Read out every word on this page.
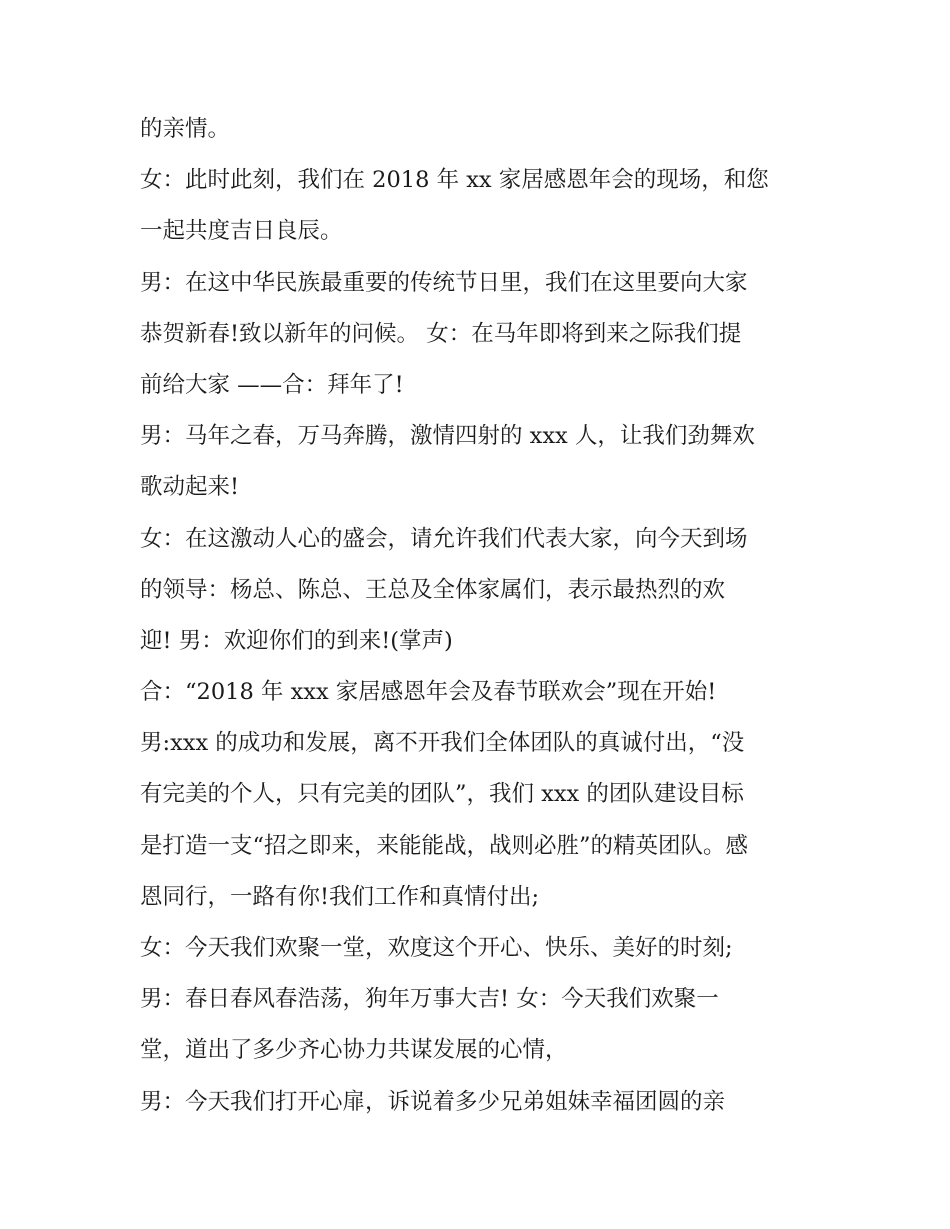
的亲情。

女：此时此刻，我们在 2018 年 xx 家居感恩年会的现场，和您

一起共度吉日良辰。

男：在这中华民族最重要的传统节日里，我们在这里要向大家

恭贺新春!致以新年的问候。 女：在马年即将到来之际我们提

前给大家 ——合：拜年了!

男：马年之春，万马奔腾，激情四射的 xxx 人，让我们劲舞欢

歌动起来!

女：在这激动人心的盛会，请允许我们代表大家，向今天到场

的领导：杨总、陈总、王总及全体家属们，表示最热烈的欢

迎! 男：欢迎你们的到来!(掌声)

合：“2018 年 xxx 家居感恩年会及春节联欢会”现在开始!

男:xxx 的成功和发展，离不开我们全体团队的真诚付出，“没

有完美的个人，只有完美的团队”，我们 xxx 的团队建设目标

是打造一支“招之即来，来能能战，战则必胜”的精英团队。感

恩同行，一路有你!我们工作和真情付出;

女：今天我们欢聚一堂，欢度这个开心、快乐、美好的时刻;

男：春日春风春浩荡，狗年万事大吉! 女：今天我们欢聚一

堂，道出了多少齐心协力共谋发展的心情，

男：今天我们打开心扉，诉说着多少兄弟姐妹幸福团圆的亲
